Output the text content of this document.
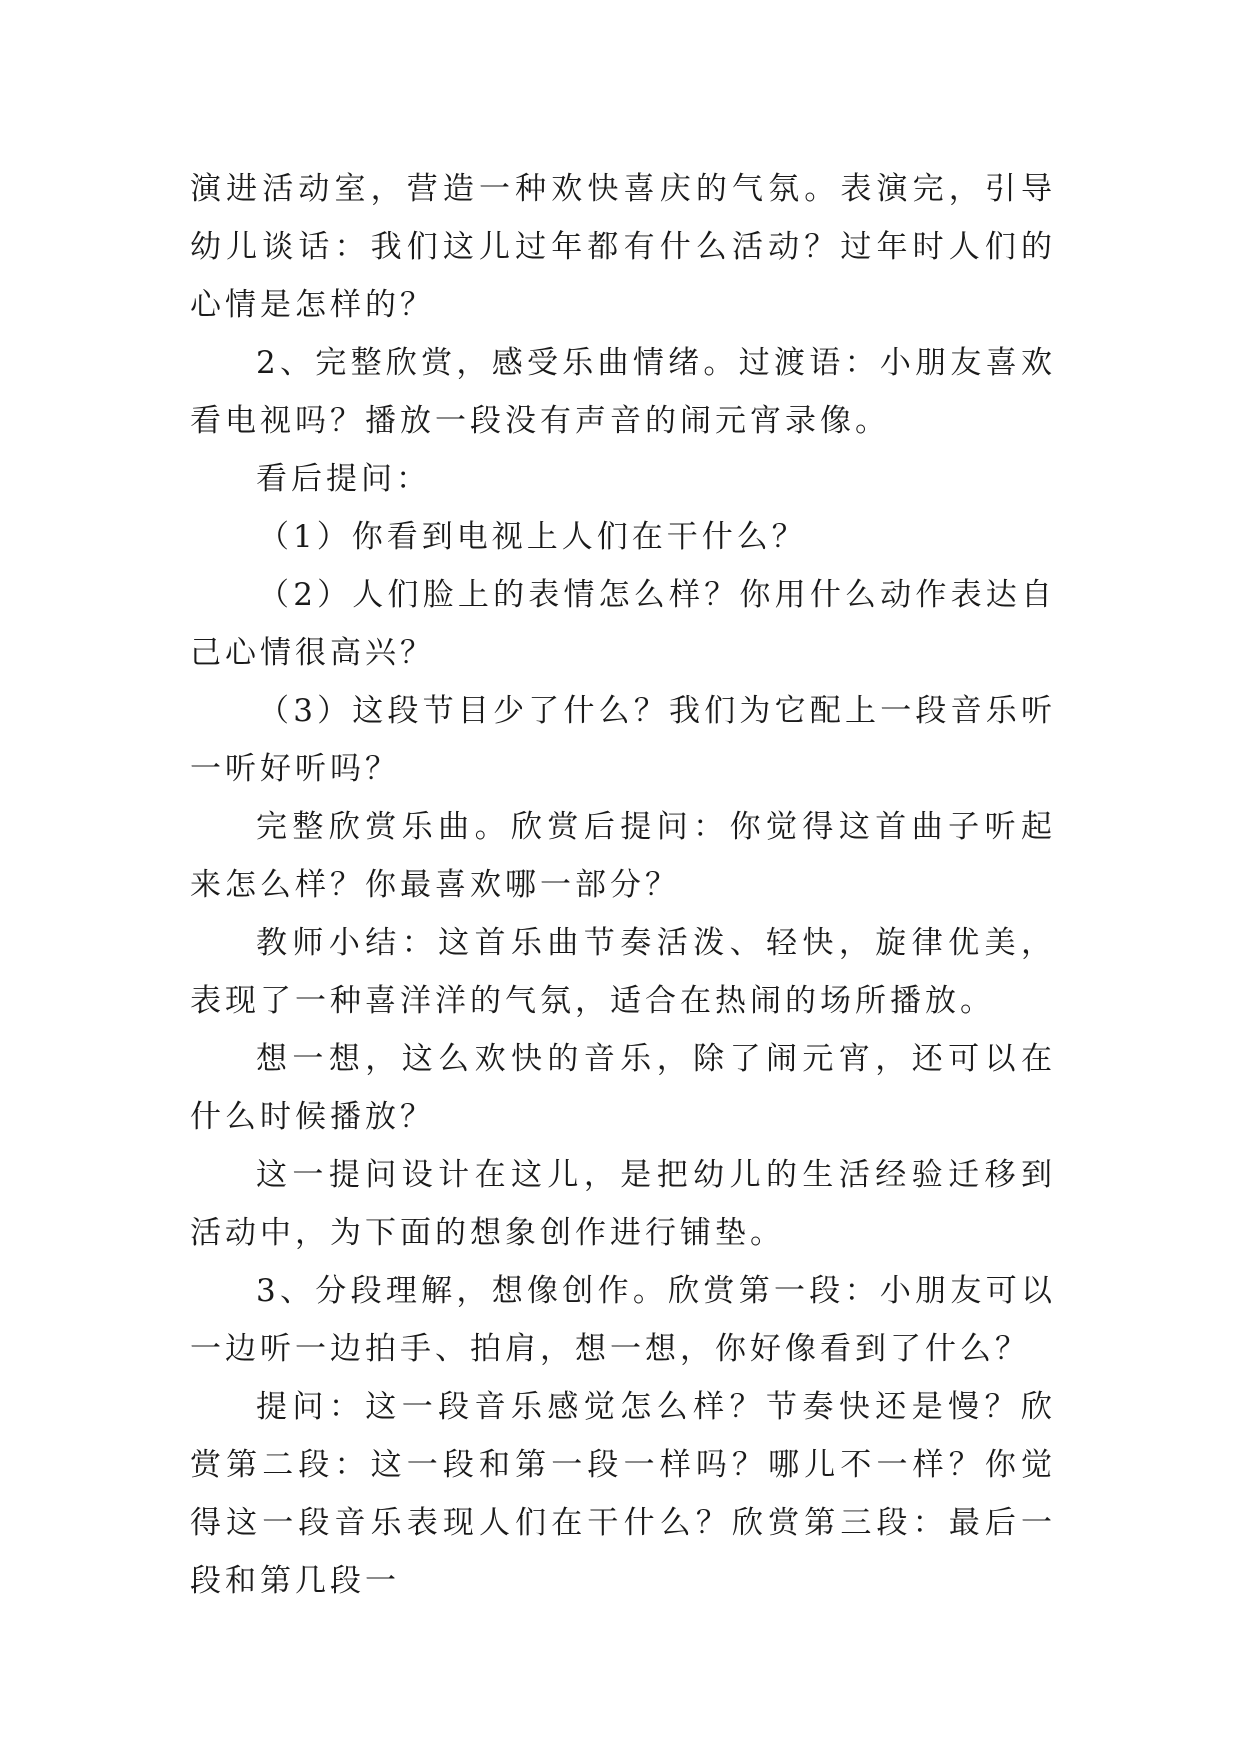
演进活动室，营造一种欢快喜庆的气氛。表演完，引导幼儿谈话：我们这儿过年都有什么活动？过年时人们的心情是怎样的？

2、完整欣赏，感受乐曲情绪。过渡语：小朋友喜欢看电视吗？播放一段没有声音的闹元宵录像。

看后提问：

（1）你看到电视上人们在干什么？

（2）人们脸上的表情怎么样？你用什么动作表达自己心情很高兴？

（3）这段节目少了什么？我们为它配上一段音乐听一听好听吗？

完整欣赏乐曲。欣赏后提问：你觉得这首曲子听起来怎么样？你最喜欢哪一部分？

教师小结：这首乐曲节奏活泼、轻快，旋律优美，表现了一种喜洋洋的气氛，适合在热闹的场所播放。

想一想，这么欢快的音乐，除了闹元宵，还可以在什么时候播放？

这一提问设计在这儿，是把幼儿的生活经验迁移到活动中，为下面的想象创作进行铺垫。

3、分段理解，想像创作。欣赏第一段：小朋友可以一边听一边拍手、拍肩，想一想，你好像看到了什么？

提问：这一段音乐感觉怎么样？节奏快还是慢？欣赏第二段：这一段和第一段一样吗？哪儿不一样？你觉得这一段音乐表现人们在干什么？欣赏第三段：最后一段和第几段一
